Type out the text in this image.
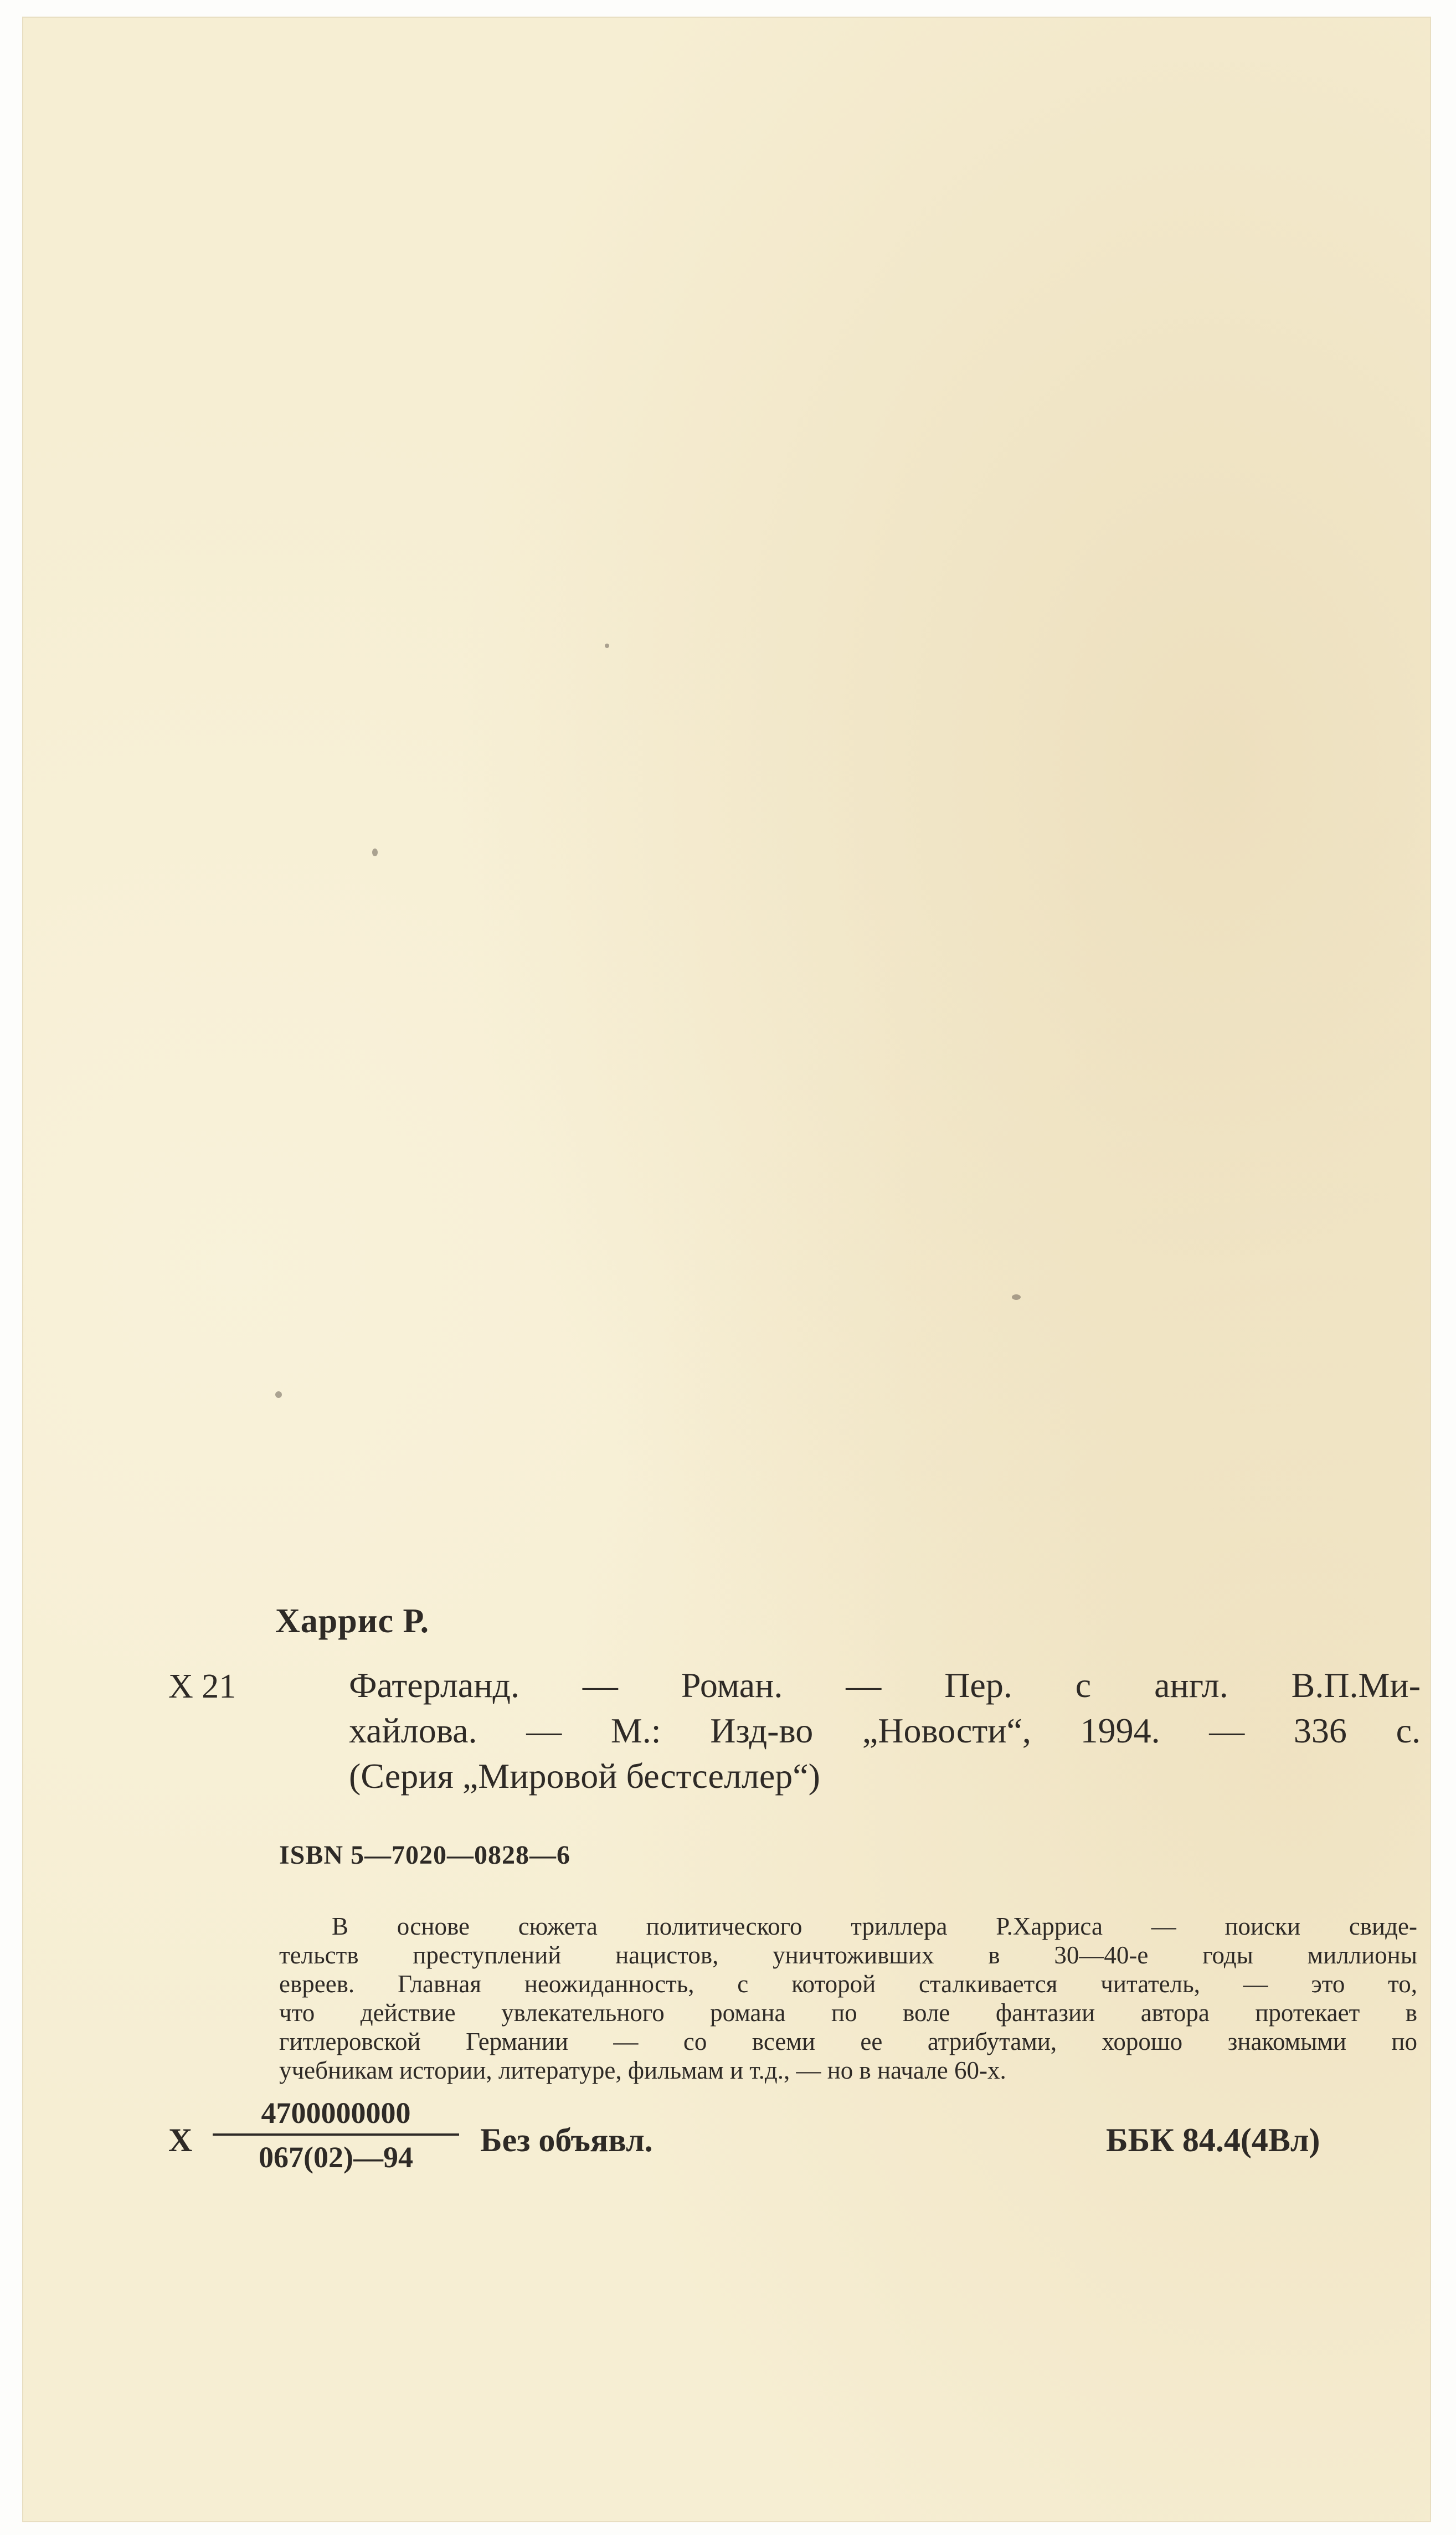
Харрис Р.
X 21	Фатерланд. — Роман. — Пер. с англ. В.П.Ми-
хайлова. — М.: Изд-во „Новости“, 1994. — 336 с.
(Серия „Мировой бестселлер“)
ISBN 5—7020—0828—6
В основе сюжета политического триллера Р.Харриса — поиски свиде-
тельств преступлений нацистов, уничтоживших в 30—40-е годы миллионы
евреев. Главная неожиданность, с которой сталкивается читатель, — это то,
что действие увлекательного романа по воле фантазии автора протекает в
гитлеровской Германии — со всеми ее атрибутами, хорошо знакомыми по
учебникам истории, литературе, фильмам и т.д., — но в начале 60-х.
X $\frac{4700000000}{067(02)—94}$ Без объявл.	ББК 84.4(4Вл)
